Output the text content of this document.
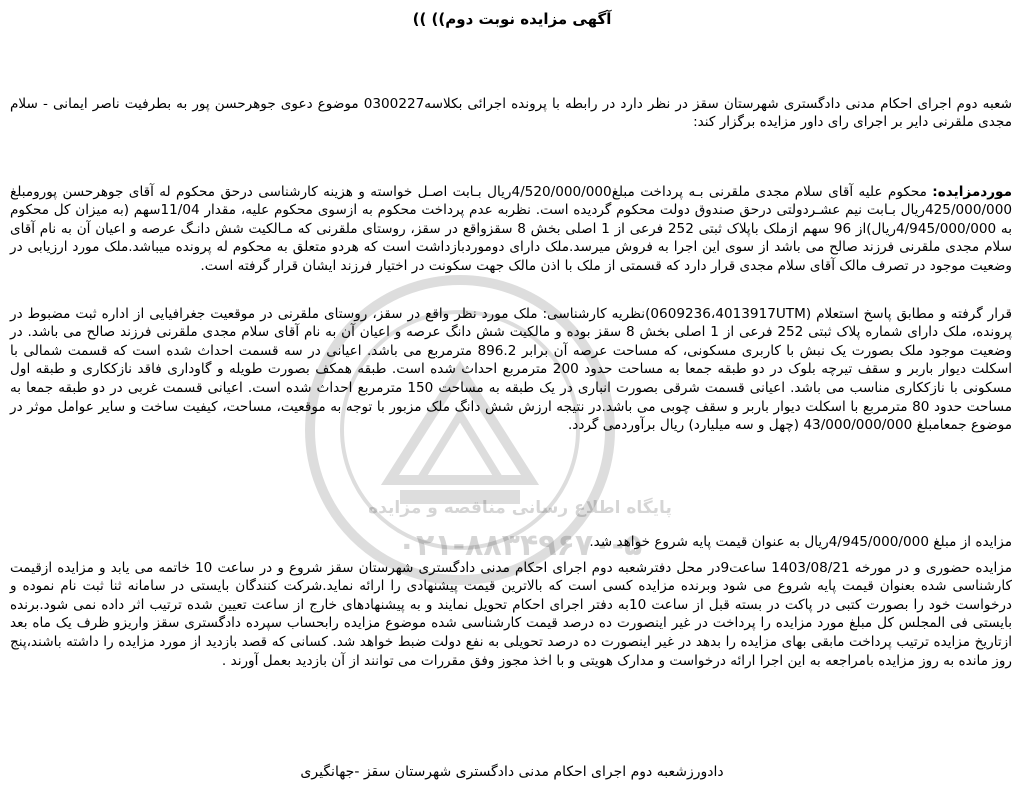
پایگاه اطلاع رسانی مناقصه و مزایده
۰۲۱-۸۸۳۴۹۶۷۰-۵
آگهی مزایده نوبت دوم)) ))

شعبه دوم اجرای احکام مدنی دادگستری شهرستان سقز در نظر دارد در رابطه با پرونده اجرائی بکلاسه0300227 موضوع دعوی جوهرحسن پور به بطرفیت ناصر ایمانی - سلام مجدی ملقرنی دایر بر اجرای رای داور مزایده برگزار کند:

موردمزایده: محکوم علیه آقای سلام مجدی ملقرنی بـه پرداخت مبلغ4/520/000/000ریال بـابت اصـل خواسته و هزینه کارشناسی درحق محکوم له آقای جوهرحسن پورومبلغ 425/000/000ریال بـابت نیم عشـردولتی درحق صندوق دولت محکوم گردیده است. نظربه عدم پرداخت محکوم به ازسوی محکوم علیه، مقدار 11/04سهم (به میزان کل محکوم به 4/945/000/000ریال)از 96 سهم ازملک باپلاک ثبتی 252 فرعی از 1 اصلی بخش 8 سقزواقع در سقز، روستای ملقرنی که مـالکیت شش دانـگ عرصه و اعیان آن به نام آقای سلام مجدی ملقرنی فرزند صالح می باشد از سوی این اجرا به فروش میرسد.ملک دارای دوموردبازداشت است که هردو متعلق به محکوم له پرونده میباشد.ملک مورد ارزیابی در وضعیت موجود در تصرف مالک آقای سلام مجدی قرار دارد که قسمتی از ملک با اذن مالک جهت سکونت در اختیار فرزند ایشان قرار گرفته است.

قرار گرفته و مطابق پاسخ استعلام (0609236،4013917UTM)نظریه کارشناسی: ملک مورد نظر واقع در سقز، روستای ملقرنی در موقعیت جغرافیایی از اداره ثبت مضبوط در پرونده، ملک دارای شماره پلاک ثبتی 252 فرعی از 1 اصلی بخش 8 سقز بوده و مالکیت شش دانگ عرصه و اعیان آن به نام آقای سلام مجدی ملقرنی فرزند صالح می باشد. در وضعیت موجود ملک بصورت یک نبش با کاربری مسکونی، که مساحت عرصه آن برابر 896.2 مترمربع می باشد. اعیانی در سه قسمت احداث شده است که قسمت شمالی با اسکلت دیوار باربر و سقف تیرچه بلوک در دو طبقه جمعا به مساحت حدود 200 مترمربع احداث شده است. طبقه همکف بصورت طویله و گاوداری فاقد نازککاری و طبقه اول مسکونی با نازککاری مناسب می باشد. اعیانی قسمت شرقی بصورت انباری در یک طبقه به مساحت 150 مترمربع احداث شده است. اعیانی قسمت غربی در دو طبقه جمعا به مساحت حدود 80 مترمربع با اسکلت دیوار باربر و سقف چوبی می باشد.در نتیجه ارزش شش دانگ ملک مزبور با توجه به موقعیت، مساحت، کیفیت ساخت و سایر عوامل موثر در موضوع جمعامبلغ 43/000/000/000 (چهل و سه میلیارد) ریال برآوردمی گردد.

مزایده از مبلغ 4/945/000/000ریال به عنوان قیمت پایه شروع خواهد شد.

مزایده حضوری و در مورخه 1403/08/21 ساعت9در محل دفترشعبه دوم اجرای احکام مدنی دادگستری شهرستان سقز شروع و در ساعت 10 خاتمه می یابد و مزایده ازقیمت کارشناسی شده بعنوان قیمت پایه شروع می شود وبرنده مزایده کسی است که بالاترین قیمت پیشنهادی را ارائه نماید.شرکت کنندگان بایستی در سامانه ثنا ثبت نام نموده و درخواست خود را بصورت کتبی در پاکت در بسته قبل از ساعت 10به دفتر اجرای احکام تحویل نمایند و به پیشنهادهای خارج از ساعت تعیین شده ترتیب اثر داده نمی شود.برنده بایستی فی المجلس کل مبلغ مورد مزایده را پرداخت در غیر اینصورت ده درصد قیمت کارشناسی شده موضوع مزایده رابحساب سپرده دادگستری سقز واریزو ظرف یک ماه بعد ازتاریخ مزایده ترتیب پرداخت مابقی بهای مزایده را بدهد در غیر اینصورت ده درصد تحویلی به نفع دولت ضبط خواهد شد. کسانی که قصد بازدید از مورد مزایده را داشته باشند،پنج روز مانده به روز مزایده بامراجعه به این اجرا ارائه درخواست و مدارک هویتی و با اخذ مجوز وفق مقررات می توانند از آن بازدید بعمل آورند .

دادورزشعبه دوم اجرای احکام مدنی دادگستری شهرستان سقز -جهانگیری
